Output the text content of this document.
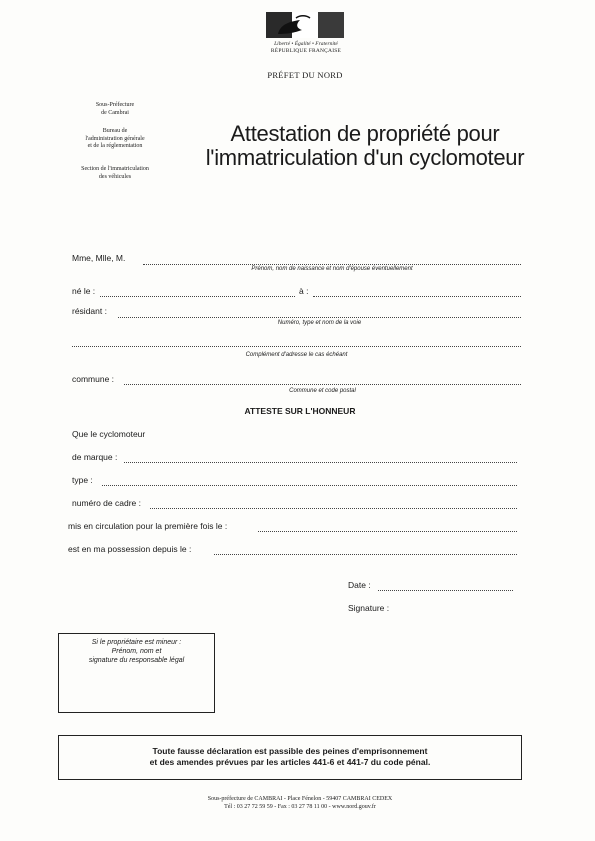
Liberté • Égalité • Fraternité
RÉPUBLIQUE FRANÇAISE
PRÉFET DU NORD
Sous-Préfecture
de Cambrai
Bureau de
l'administration générale
et de la réglementation
Section de l'immatriculation
des véhicules
Attestation de propriété pour
l'immatriculation d'un cyclomoteur
Mme, Mlle, M.
Prénom, nom de naissance et nom d'épouse éventuellement
né le :	à :
résidant :
Numéro, type et nom de la voie
Complément d'adresse le cas échéant
commune :
Commune et code postal
ATTESTE SUR L'HONNEUR
Que le cyclomoteur
de marque :
type :
numéro de cadre :
mis en circulation pour la première fois le :
est en ma possession depuis le :
Date :
Signature :
Si le propriétaire est mineur :
Prénom, nom et
signature du responsable légal
Toute fausse déclaration est passible des peines d'emprisonnement
et des amendes prévues par les articles 441-6 et 441-7 du code pénal.
Sous-préfecture de CAMBRAI - Place Fénelon - 59407 CAMBRAI CEDEX
Tél : 03 27 72 59 59 - Fax : 03 27 78 11 00 - www.nord.gouv.fr
